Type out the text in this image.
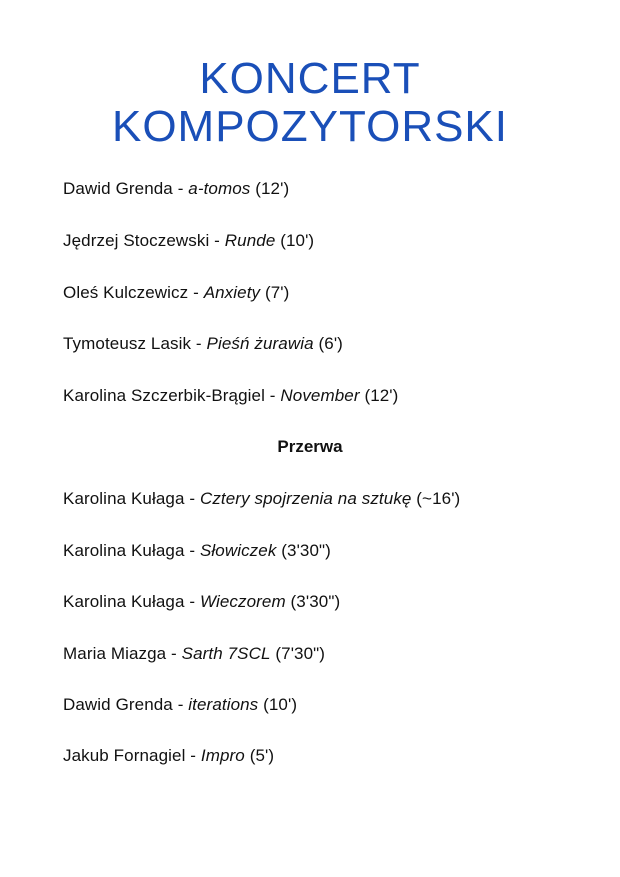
KONCERT
KOMPOZYTORSKI
Dawid Grenda - a-tomos (12')
Jędrzej Stoczewski - Runde (10')
Oleś Kulczewicz - Anxiety (7')
Tymoteusz Lasik - Pieśń żurawia (6')
Karolina Szczerbik-Brągiel - November (12')
Przerwa
Karolina Kułaga - Cztery spojrzenia na sztukę (~16')
Karolina Kułaga - Słowiczek (3'30")
Karolina Kułaga - Wieczorem (3'30")
Maria Miazga - Sarth 7SCL (7'30")
Dawid Grenda - iterations (10')
Jakub Fornagiel - Impro (5')
